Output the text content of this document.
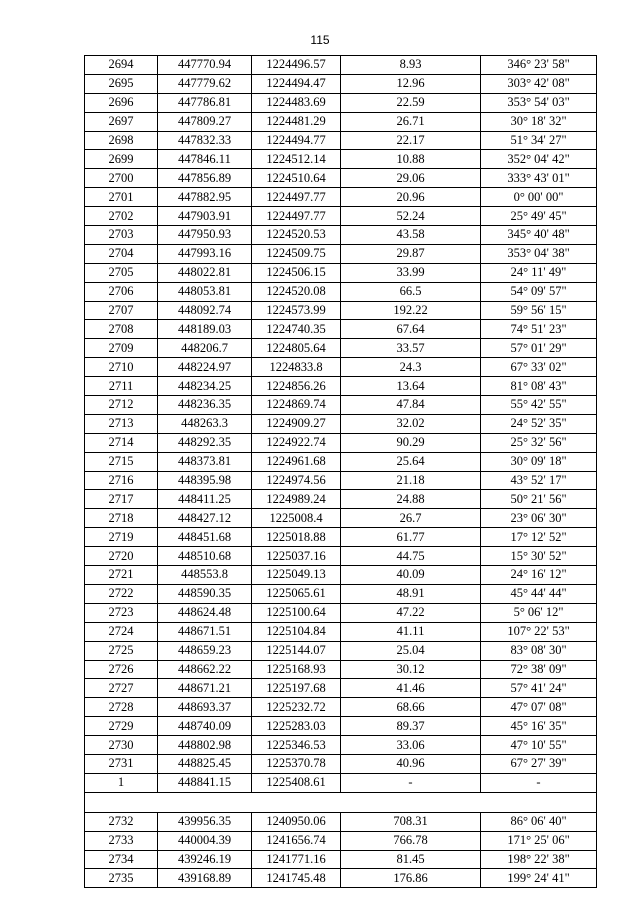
115
2694	447770.94	1224496.57	8.93	346° 23' 58"
2695	447779.62	1224494.47	12.96	303° 42' 08"
2696	447786.81	1224483.69	22.59	353° 54' 03"
2697	447809.27	1224481.29	26.71	30° 18' 32"
2698	447832.33	1224494.77	22.17	51° 34' 27"
2699	447846.11	1224512.14	10.88	352° 04' 42"
2700	447856.89	1224510.64	29.06	333° 43' 01"
2701	447882.95	1224497.77	20.96	0° 00' 00"
2702	447903.91	1224497.77	52.24	25° 49' 45"
2703	447950.93	1224520.53	43.58	345° 40' 48"
2704	447993.16	1224509.75	29.87	353° 04' 38"
2705	448022.81	1224506.15	33.99	24° 11' 49"
2706	448053.81	1224520.08	66.5	54° 09' 57"
2707	448092.74	1224573.99	192.22	59° 56' 15"
2708	448189.03	1224740.35	67.64	74° 51' 23"
2709	448206.7	1224805.64	33.57	57° 01' 29"
2710	448224.97	1224833.8	24.3	67° 33' 02"
2711	448234.25	1224856.26	13.64	81° 08' 43"
2712	448236.35	1224869.74	47.84	55° 42' 55"
2713	448263.3	1224909.27	32.02	24° 52' 35"
2714	448292.35	1224922.74	90.29	25° 32' 56"
2715	448373.81	1224961.68	25.64	30° 09' 18"
2716	448395.98	1224974.56	21.18	43° 52' 17"
2717	448411.25	1224989.24	24.88	50° 21' 56"
2718	448427.12	1225008.4	26.7	23° 06' 30"
2719	448451.68	1225018.88	61.77	17° 12' 52"
2720	448510.68	1225037.16	44.75	15° 30' 52"
2721	448553.8	1225049.13	40.09	24° 16' 12"
2722	448590.35	1225065.61	48.91	45° 44' 44"
2723	448624.48	1225100.64	47.22	5° 06' 12"
2724	448671.51	1225104.84	41.11	107° 22' 53"
2725	448659.23	1225144.07	25.04	83° 08' 30"
2726	448662.22	1225168.93	30.12	72° 38' 09"
2727	448671.21	1225197.68	41.46	57° 41' 24"
2728	448693.37	1225232.72	68.66	47° 07' 08"
2729	448740.09	1225283.03	89.37	45° 16' 35"
2730	448802.98	1225346.53	33.06	47° 10' 55"
2731	448825.45	1225370.78	40.96	67° 27' 39"
1	448841.15	1225408.61	-	-

2732	439956.35	1240950.06	708.31	86° 06' 40"
2733	440004.39	1241656.74	766.78	171° 25' 06"
2734	439246.19	1241771.16	81.45	198° 22' 38"
2735	439168.89	1241745.48	176.86	199° 24' 41"
